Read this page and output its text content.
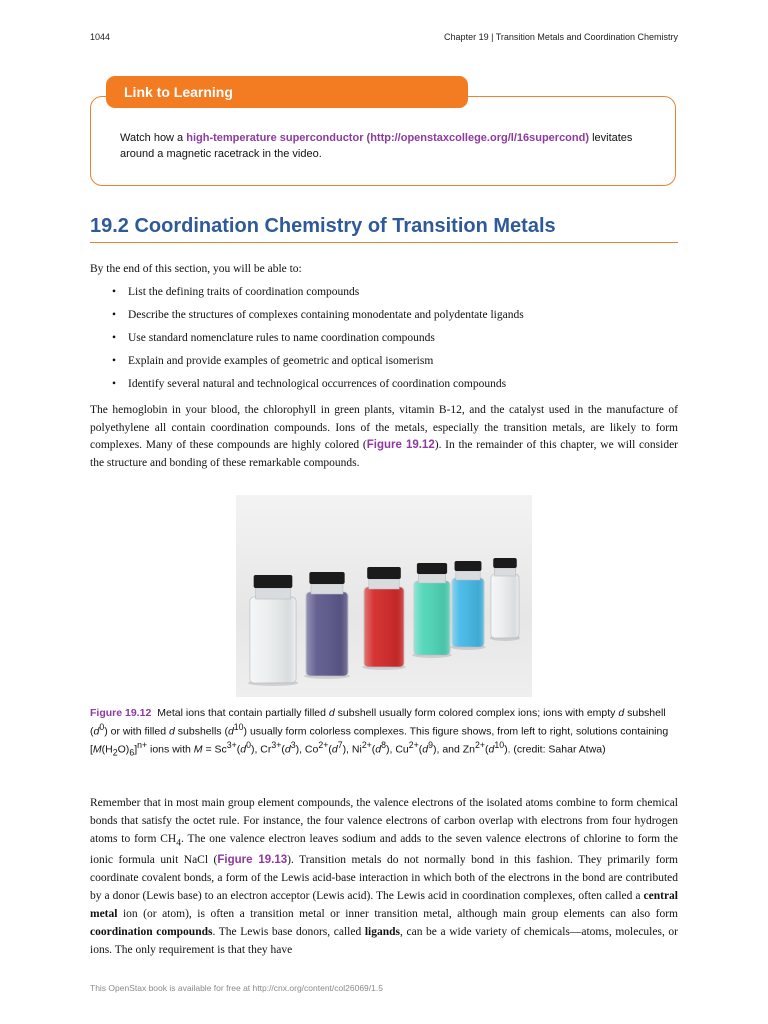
1044	Chapter 19 | Transition Metals and Coordination Chemistry
Link to Learning
Watch how a high-temperature superconductor (http://openstaxcollege.org/l/16supercond) levitates around a magnetic racetrack in the video.
19.2 Coordination Chemistry of Transition Metals
By the end of this section, you will be able to:
• List the defining traits of coordination compounds
• Describe the structures of complexes containing monodentate and polydentate ligands
• Use standard nomenclature rules to name coordination compounds
• Explain and provide examples of geometric and optical isomerism
• Identify several natural and technological occurrences of coordination compounds

The hemoglobin in your blood, the chlorophyll in green plants, vitamin B-12, and the catalyst used in the manufacture of polyethylene all contain coordination compounds. Ions of the metals, especially the transition metals, are likely to form complexes. Many of these compounds are highly colored (Figure 19.12). In the remainder of this chapter, we will consider the structure and bonding of these remarkable compounds.

Figure 19.12 Metal ions that contain partially filled d subshell usually form colored complex ions; ions with empty d subshell $(d^0)$ or with filled d subshells $(d^{10})$ usually form colorless complexes. This figure shows, from left to right, solutions containing $[M(H_2O)_6]^{n+}$ ions with $M = Sc^{3+}(d^0)$, $Cr^{3+}(d^3)$, $Co^{2+}(d^7)$, $Ni^{2+}(d^8)$, $Cu^{2+}(d^9)$, and $Zn^{2+}(d^{10})$. (credit: Sahar Atwa)

Remember that in most main group element compounds, the valence electrons of the isolated atoms combine to form chemical bonds that satisfy the octet rule. For instance, the four valence electrons of carbon overlap with electrons from four hydrogen atoms to form $CH_4$. The one valence electron leaves sodium and adds to the seven valence electrons of chlorine to form the ionic formula unit NaCl (Figure 19.13). Transition metals do not normally bond in this fashion. They primarily form coordinate covalent bonds, a form of the Lewis acid-base interaction in which both of the electrons in the bond are contributed by a donor (Lewis base) to an electron acceptor (Lewis acid). The Lewis acid in coordination complexes, often called a central metal ion (or atom), is often a transition metal or inner transition metal, although main group elements can also form coordination compounds. The Lewis base donors, called ligands, can be a wide variety of chemicals—atoms, molecules, or ions. The only requirement is that they have

This OpenStax book is available for free at http://cnx.org/content/col26069/1.5
